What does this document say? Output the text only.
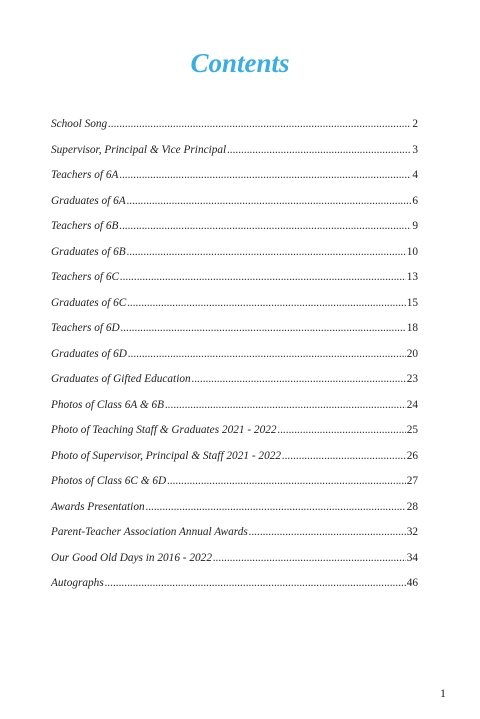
Contents
School Song .....	2
Supervisor, Principal & Vice Principal .....	3
Teachers of 6A .....	4
Graduates of 6A .....	6
Teachers of 6B .....	9
Graduates of 6B .....	10
Teachers of 6C .....	13
Graduates of 6C .....	15
Teachers of 6D .....	18
Graduates of 6D .....	20
Graduates of Gifted Education .....	23
Photos of Class 6A & 6B .....	24
Photo of Teaching Staff & Graduates 2021 - 2022 .....	25
Photo of Supervisor, Principal & Staff 2021 - 2022 .....	26
Photos of Class 6C & 6D .....	27
Awards Presentation .....	28
Parent-Teacher Association Annual Awards .....	32
Our Good Old Days in 2016 - 2022 .....	34
Autographs .....	46
1
